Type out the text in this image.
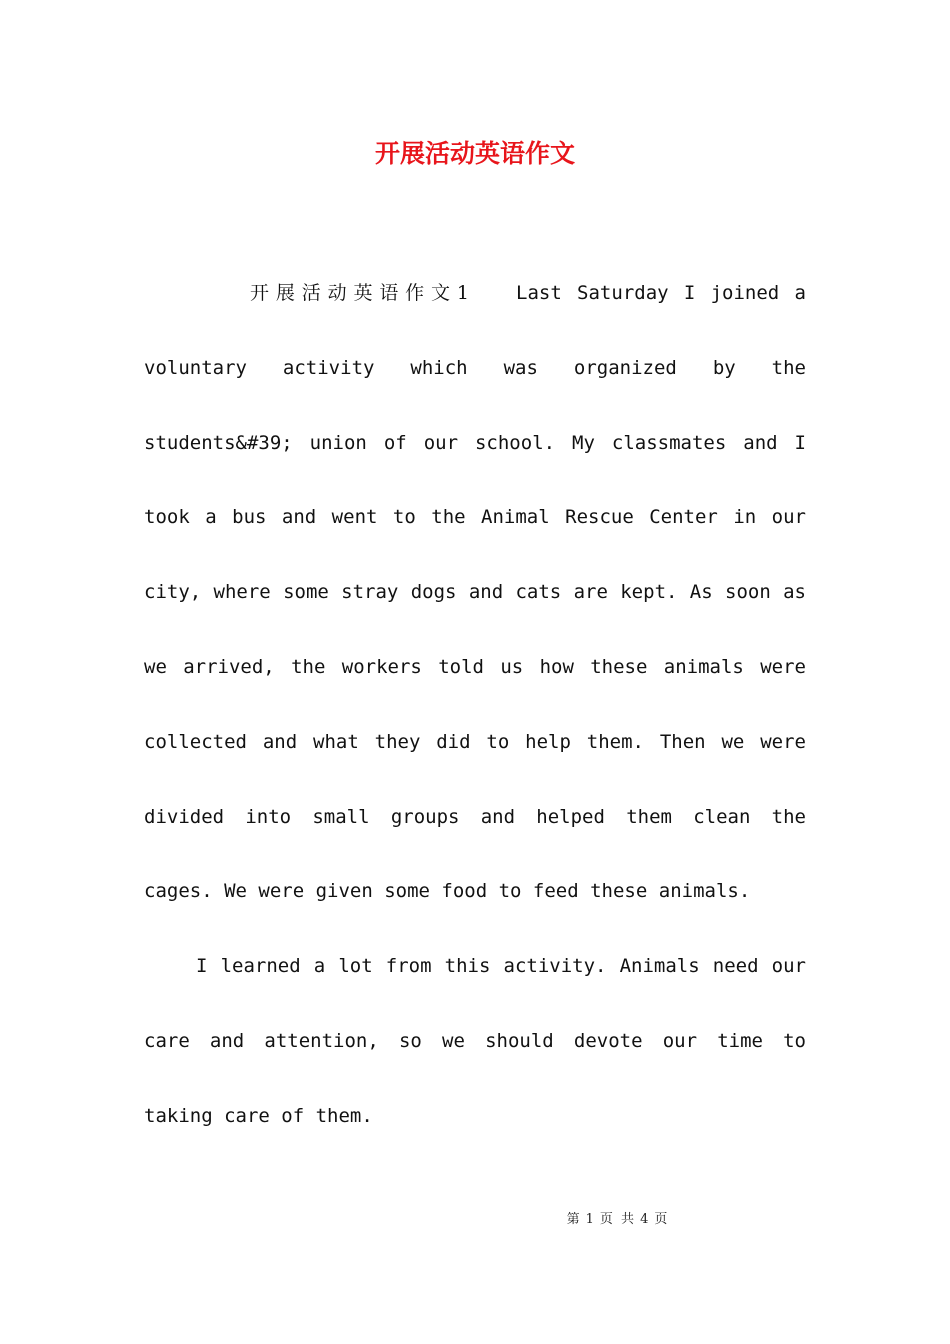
开展活动英语作文

开展活动英语作文1 Last Saturday I joined a voluntary activity which was organized by the students&#39; union of our school. My classmates and I took a bus and went to the Animal Rescue Center in our city, where some stray dogs and cats are kept. As soon as we arrived, the workers told us how these animals were collected and what they did to help them. Then we were divided into small groups and helped them clean the cages. We were given some food to feed these animals.

I learned a lot from this activity. Animals need our care and attention, so we should devote our time to taking care of them.

第 1 页 共 4 页
